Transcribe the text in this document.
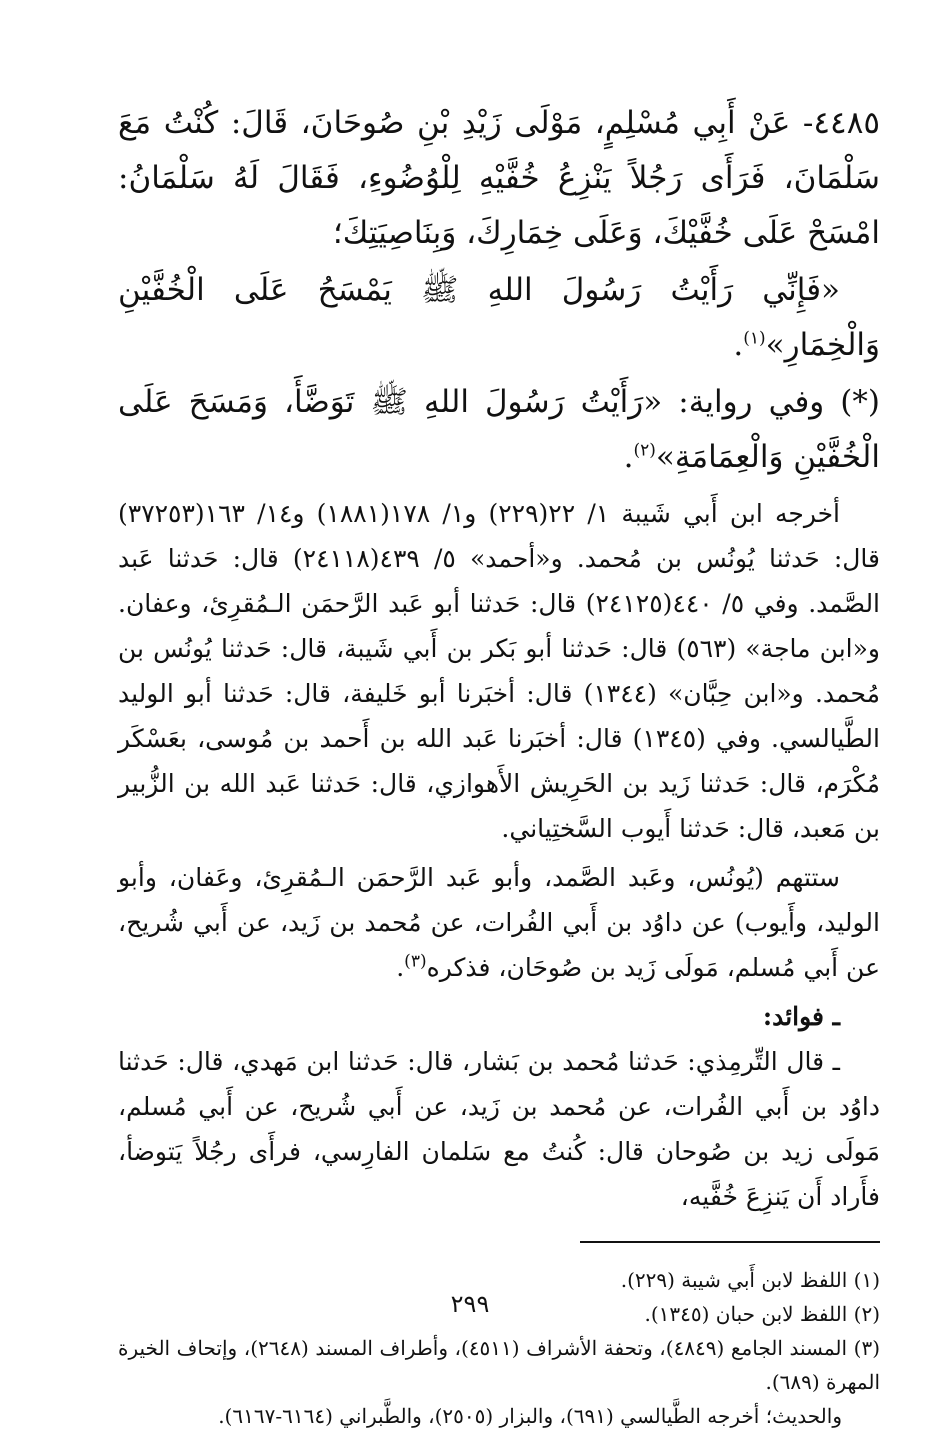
٤٤٨٥- عَنْ أَبِي مُسْلِمٍ، مَوْلَى زَيْدِ بْنِ صُوحَانَ، قَالَ: كُنْتُ مَعَ سَلْمَانَ، فَرَأَى رَجُلاً يَنْزِعُ خُفَّيْهِ لِلْوُضُوءِ، فَقَالَ لَهُ سَلْمَانُ: امْسَحْ عَلَى خُفَّيْكَ، وَعَلَى خِمَارِكَ، وَبِنَاصِيَتِكَ؛

«فَإِنِّي رَأَيْتُ رَسُولَ اللهِ ﷺ يَمْسَحُ عَلَى الْخُفَّيْنِ وَالْخِمَارِ»$^{(١)}$.

(*) وفي رواية: «رَأَيْتُ رَسُولَ اللهِ ﷺ تَوَضَّأَ، وَمَسَحَ عَلَى الْخُفَّيْنِ وَالْعِمَامَةِ»$^{(٢)}$.

أخرجه ابن أَبي شَيبة ١/ ٢٢(٢٢٩) و١/ ١٧٨(١٨٨١) و١٤/ ١٦٣(٣٧٢٥٣) قال: حَدثنا يُونُس بن مُحمد. و«أحمد» ٥/ ٤٣٩(٢٤١١٨) قال: حَدثنا عَبد الصَّمد. وفي ٥/ ٤٤٠(٢٤١٢٥) قال: حَدثنا أبو عَبد الرَّحمَن الـمُقرِئ، وعفان. و«ابن ماجة» (٥٦٣) قال: حَدثنا أبو بَكر بن أَبي شَيبة، قال: حَدثنا يُونُس بن مُحمد. و«ابن حِبَّان» (١٣٤٤) قال: أخبَرنا أبو خَليفة، قال: حَدثنا أبو الوليد الطَّيالسي. وفي (١٣٤٥) قال: أخبَرنا عَبد الله بن أَحمد بن مُوسى، بعَسْكَر مُكْرَم، قال: حَدثنا زَيد بن الحَرِيش الأَهوازي، قال: حَدثنا عَبد الله بن الزُّبير بن مَعبد، قال: حَدثنا أَيوب السَّختِياني.

ستتهم (يُونُس، وعَبد الصَّمد، وأبو عَبد الرَّحمَن الـمُقرِئ، وعَفان، وأبو الوليد، وأَيوب) عن داوُد بن أَبي الفُرات، عن مُحمد بن زَيد، عن أَبي شُريح، عن أَبي مُسلم، مَولَى زَيد بن صُوحَان، فذكره$^{(٣)}$.

ـ فوائد:

ـ قال التِّرمِذي: حَدثنا مُحمد بن بَشار، قال: حَدثنا ابن مَهدي، قال: حَدثنا داوُد بن أَبي الفُرات، عن مُحمد بن زَيد، عن أَبي شُريح، عن أَبي مُسلم، مَولَى زيد بن صُوحان قال: كُنتُ مع سَلمان الفارِسي، فرأَى رجُلاً يَتوضأ، فأَراد أَن يَنزِعَ خُفَّيه،

(١) اللفظ لابن أَبي شيبة (٢٢٩).

(٢) اللفظ لابن حبان (١٣٤٥).

(٣) المسند الجامع (٤٨٤٩)، وتحفة الأشراف (٤٥١١)، وأطراف المسند (٢٦٤٨)، وإتحاف الخيرة المهرة (٦٨٩).

والحديث؛ أخرجه الطَّيالسي (٦٩١)، والبزار (٢٥٠٥)، والطَّبراني (٦١٦٤-٦١٦٧).

٢٩٩
